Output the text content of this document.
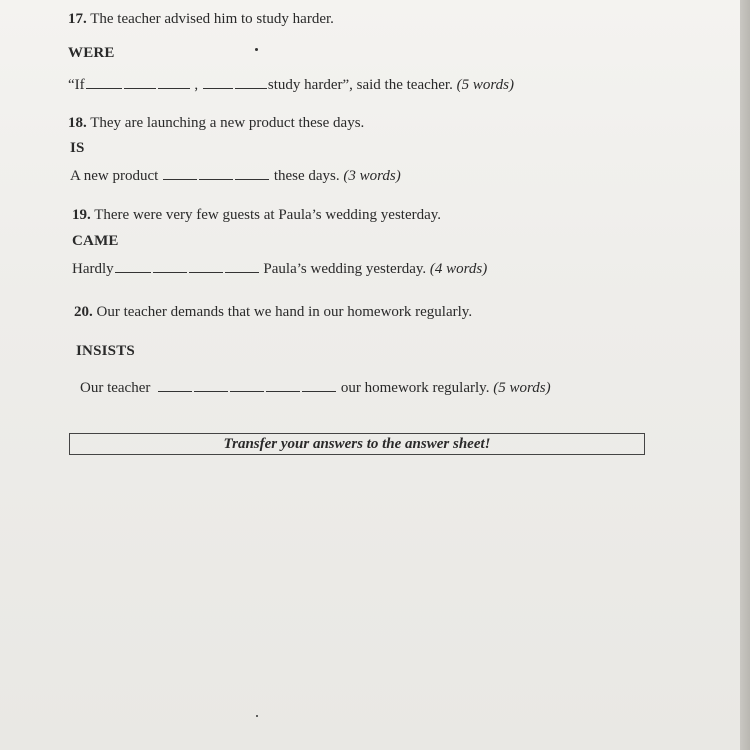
17. The teacher advised him to study harder.
WERE
“If	,	study harder”, said the teacher. (5 words)
18. They are launching a new product these days.
IS
A new product	these days. (3 words)
19. There were very few guests at Paula’s wedding yesterday.
CAME
Hardly	Paula’s wedding yesterday. (4 words)
20. Our teacher demands that we hand in our homework regularly.
INSISTS
Our teacher	our homework regularly. (5 words)
Transfer your answers to the answer sheet!
